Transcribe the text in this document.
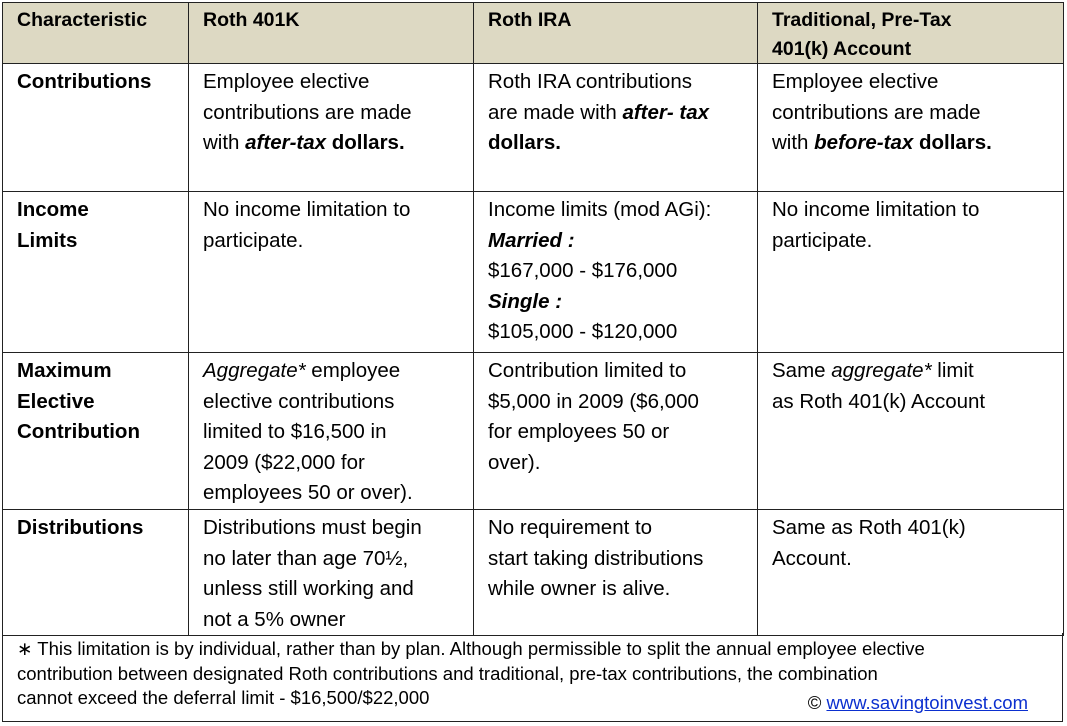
Characteristic	Roth 401K	Roth IRA	Traditional, Pre-Tax
401(k) Account

Contributions	Employee elective
contributions are made
with after-tax dollars.	Roth IRA contributions
are made with after- tax
dollars.	Employee elective
contributions are made
with before-tax dollars.

Income
Limits	No income limitation to
participate.	Income limits (mod AGi):
Married :
$167,000 - $176,000
Single :
$105,000 - $120,000	No income limitation to
participate.

Maximum
Elective
Contribution	Aggregate* employee
elective contributions
limited to $16,500 in
2009 ($22,000 for
employees 50 or over).	Contribution limited to
$5,000 in 2009 ($6,000
for employees 50 or
over).	Same aggregate* limit
as Roth 401(k) Account

Distributions	Distributions must begin
no later than age 70½,
unless still working and
not a 5% owner	No requirement to
start taking distributions
while owner is alive.	Same as Roth 401(k)
Account.
∗ This limitation is by individual, rather than by plan. Although permissible to split the annual employee elective
contribution between designated Roth contributions and traditional, pre-tax contributions, the combination
cannot exceed the deferral limit - $16,500/$22,000	© www.savingtoinvest.com
